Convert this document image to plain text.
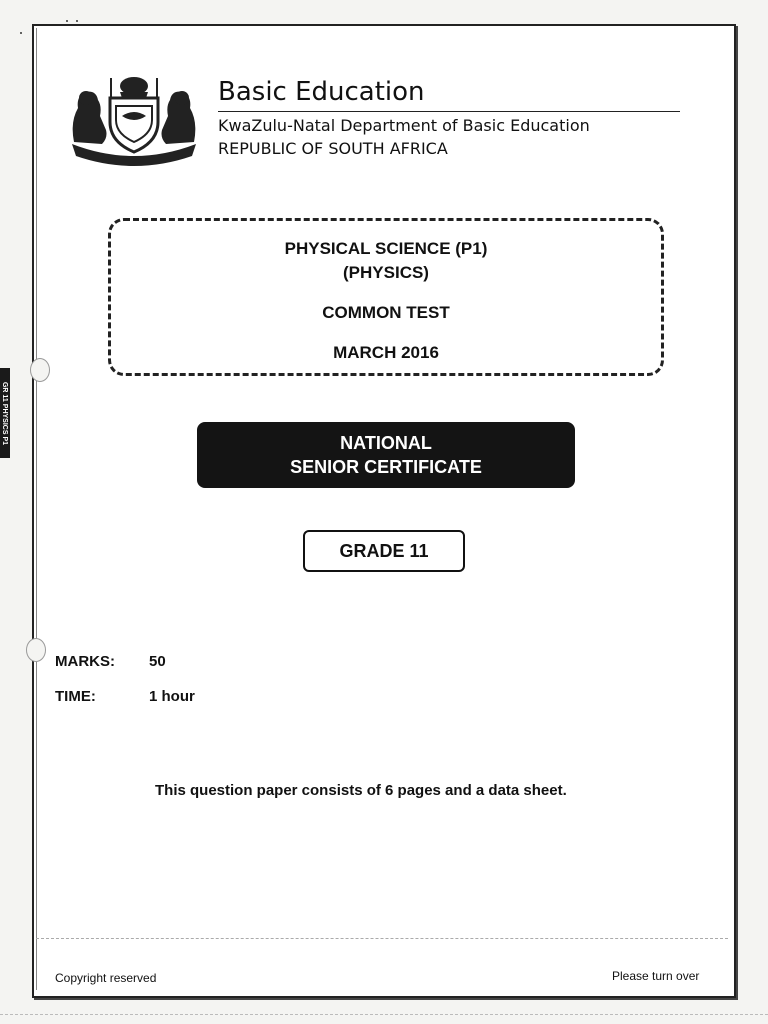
GR 11 PHYSICS P1
Basic Education
KwaZulu-Natal Department of Basic Education
REPUBLIC OF SOUTH AFRICA
PHYSICAL SCIENCE (P1)
(PHYSICS)
COMMON TEST
MARCH 2016
NATIONAL
SENIOR CERTIFICATE
GRADE 11
MARKS: 50
TIME:	1 hour
This question paper consists of 6 pages and a data sheet.
Copyright reserved	Please turn over
